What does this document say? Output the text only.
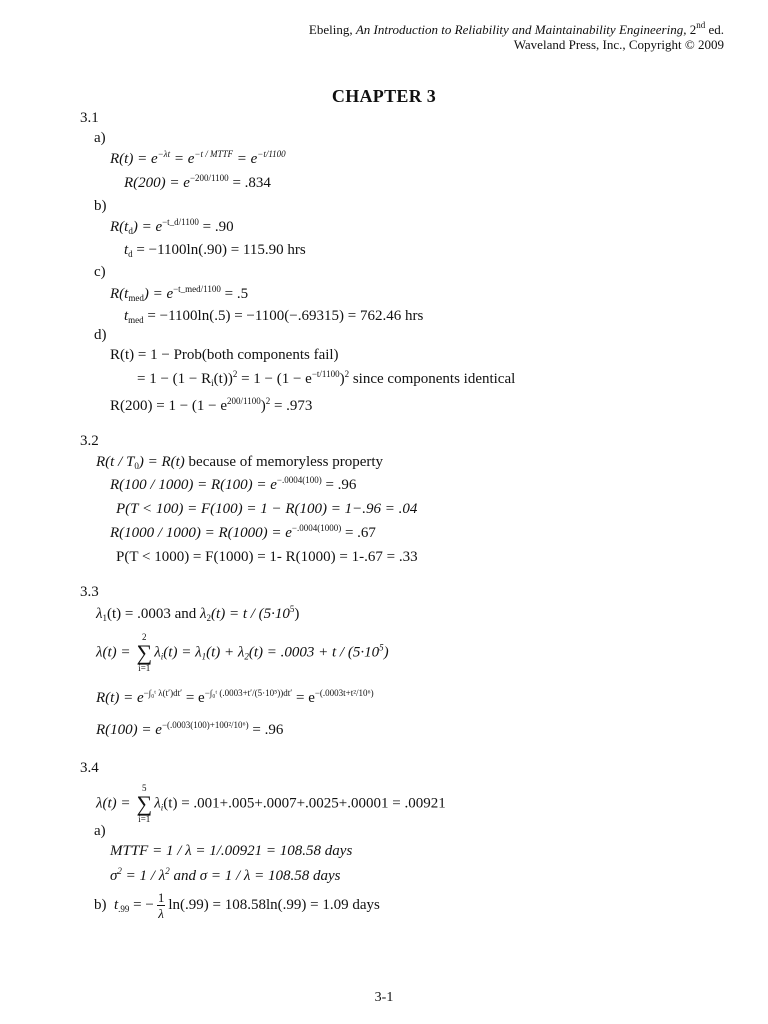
Ebeling, An Introduction to Reliability and Maintainability Engineering, 2nd ed.
Waveland Press, Inc., Copyright © 2009
CHAPTER 3
3.1
a)
$R(t) = e^{-\lambda t} = e^{-t / MTTF} = e^{-t/1100}$
$R(200) = e^{-200/1100} = .834$
b)
$R(t_d) = e^{-t\_d/1100} = .90$
$t_d = -1100\ln(.90) = 115.90$ hrs
c)
$R(t_{med}) = e^{-t\_med/1100} = .5$
$t_{med} = -1100\ln(.5) = -1100(-.69315) = 762.46$ hrs
d)
R(t) = 1 − Prob(both components fail)
= $1 - (1 - R_i(t))^2 = 1 - (1 - e^{-t/1100})^2$ since components identical
$R(200) = 1 - (1 - e^{200/1100})^2 = .973$
3.2
$R(t / T_0) = R(t)$ because of memoryless property
$R(100 / 1000) = R(100) = e^{-.0004(100)} = .96$
P(T < 100) = F(100) = 1 − R(100) = 1−.96 = .04
$R(1000 / 1000) = R(1000) = e^{-.0004(1000)} = .67$
P(T < 1000) = F(1000) = 1- R(1000) = 1-.67 = .33
3.3
$\lambda_1(t) = .0003$ and $\lambda_2(t) = t / (5\cdot 10^5)$
λ(t) =
2
∑
i=1
$\lambda_i(t) = \lambda_1(t) + \lambda_2(t) = .0003 + t / (5\cdot 10^5)$
$R(t) = e^{-\int_0ᵗ \lambda(t')dt'} = e^{-\int_0ᵗ (.0003+t'/(5\cdot 10^5))dt'} = e^{-(.0003t+t^2/10^6)}$
$R(100) = e^{-(.0003(100)+100^2/10^6)} = .96$
3.4
λ(t) =
5
∑
i=1
$\lambda_i(t) = .001+.005+.0007+.0025+.00001 = .00921$
a)
MTTF = 1 / λ = 1/.00921 = 108.58 days
$\sigma^2 = 1 / \lambda^2$ and σ = 1 / λ = 108.58 days
b) $t_{.99}$ = − $\frac{1}{\lambda} \ln(.99) = 108.58\ln(.99) = 1.09$ days
3-1
